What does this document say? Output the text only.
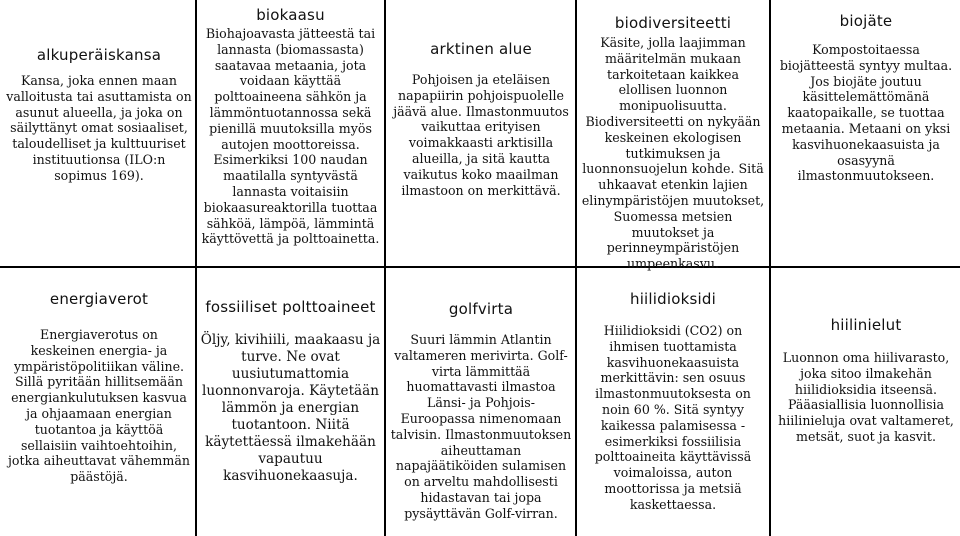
alkuperäiskansa
Kansa, joka ennen maan valloitusta tai asuttamista on asunut alueella, ja joka on säilyttänyt omat sosiaaliset, taloudelliset ja kulttuuriset instituutionsa (ILO:n sopimus 169).
biokaasu
Biohajoavasta jätteestä tai lannasta (biomassasta) saatavaa metaania, jota voidaan käyttää polttoaineena sähkön ja lämmöntuotannossa sekä pienillä muutoksilla myös autojen moottoreissa. Esimerkiksi 100 naudan maatilalla syntyvästä lannasta voitaisiin biokaasureaktorilla tuottaa sähköä, lämpöä, lämmintä käyttövettä ja polttoainetta.
arktinen alue
Pohjoisen ja eteläisen napapiirin pohjoispuolelle jäävä alue. Ilmastonmuutos vaikuttaa erityisen voimakkaasti arktisilla alueilla, ja sitä kautta vaikutus koko maailman ilmastoon on merkittävä.
biodiversiteetti
Käsite, jolla laajimman määritelmän mukaan tarkoitetaan kaikkea elollisen luonnon monipuolisuutta. Biodiversiteetti on nykyään keskeinen ekologisen tutkimuksen ja luonnonsuojelun kohde. Sitä uhkaavat etenkin lajien elinympäristöjen muutokset, Suomessa metsien muutokset ja perinneympäristöjen umpeenkasvu.
biojäte
Kompostoitaessa biojätteestä syntyy multaa. Jos biojäte joutuu käsittelemättömänä kaatopaikalle, se tuottaa metaania. Metaani on yksi kasvihuonekaasuista ja osasyynä ilmastonmuutokseen.
energiaverot
Energiaverotus on keskeinen energia- ja ympäristöpolitiikan väline. Sillä pyritään hillitsemään energiankulutuksen kasvua ja ohjaamaan energian tuotantoa ja käyttöä sellaisiin vaihtoehtoihin, jotka aiheuttavat vähemmän päästöjä.
fossiiliset polttoaineet
Öljy, kivihiili, maakaasu ja turve. Ne ovat uusiutumattomia luonnonvaroja. Käytetään lämmön ja energian tuotantoon. Niitä käytettäessä ilmakehään vapautuu kasvihuonekaasuja.
golfvirta
Suuri lämmin Atlantin valtameren merivirta. Golf-virta lämmittää huomattavasti ilmastoa Länsi- ja Pohjois-Euroopassa nimenomaan talvisin. Ilmastonmuutoksen aiheuttaman napajäätiköiden sulamisen on arveltu mahdollisesti hidastavan tai jopa pysäyttävän Golf-virran.
hiilidioksidi
Hiilidioksidi (CO2) on ihmisen tuottamista kasvihuonekaasuista merkittävin: sen osuus ilmastonmuutoksesta on noin 60 %. Sitä syntyy kaikessa palamisessa - esimerkiksi fossiilisia polttoaineita käyttävissä voimaloissa, auton moottorissa ja metsiä kaskettaessa.
hiilinielut
Luonnon oma hiilivarasto, joka sitoo ilmakehän hiilidioksidia itseensä. Pääasiallisia luonnollisia hiilinieluja ovat valtameret, metsät, suot ja kasvit.
